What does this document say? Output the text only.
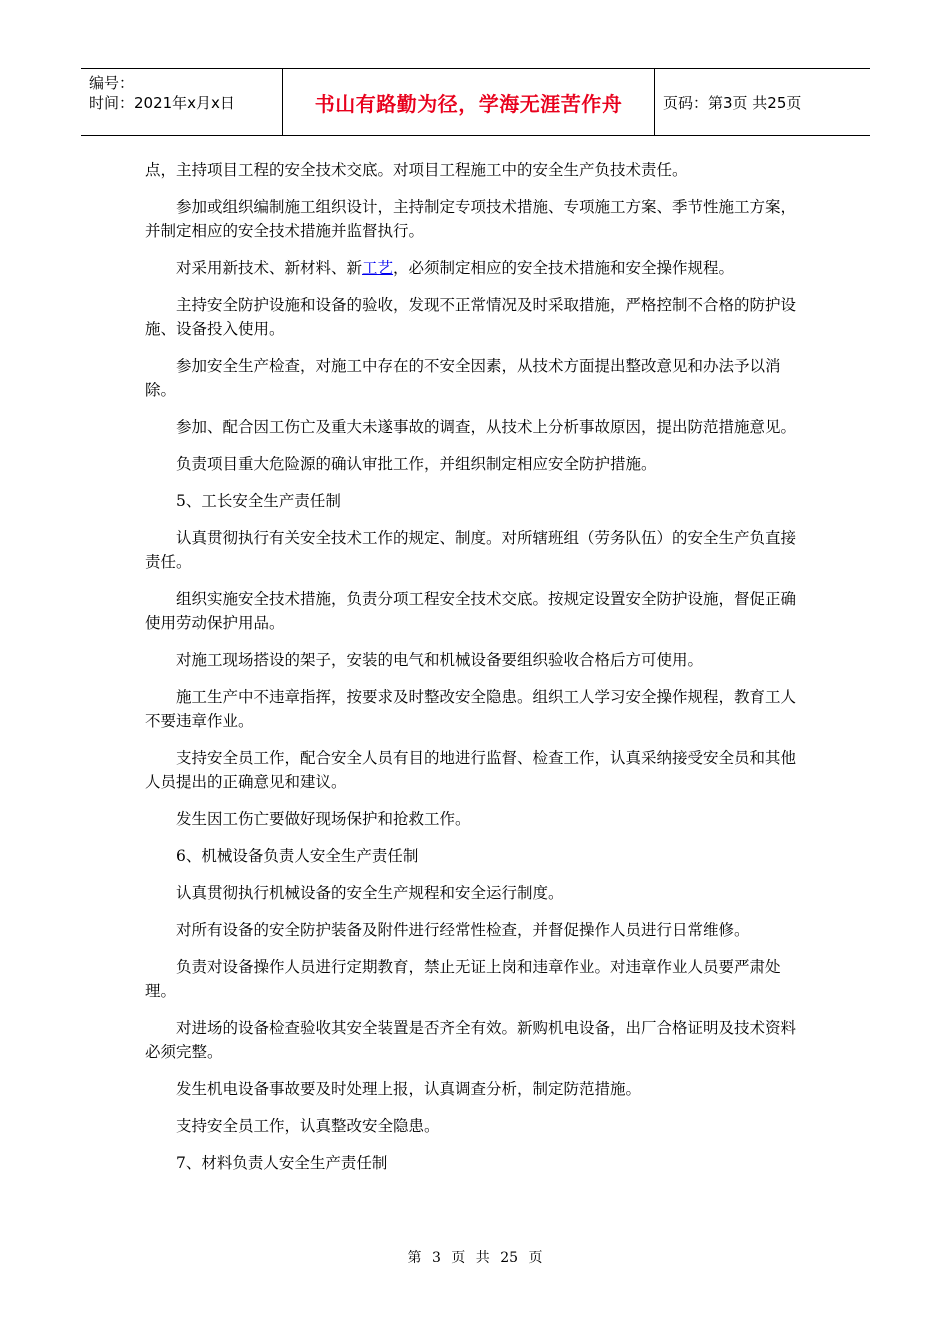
编号：
时间：2021年x月x日	书山有路勤为径，学海无涯苦作舟	页码：第3页 共25页

点，主持项目工程的安全技术交底。对项目工程施工中的安全生产负技术责任。

参加或组织编制施工组织设计，主持制定专项技术措施、专项施工方案、季节性施工方案，并制定相应的安全技术措施并监督执行。

对采用新技术、新材料、新工艺，必须制定相应的安全技术措施和安全操作规程。

主持安全防护设施和设备的验收，发现不正常情况及时采取措施，严格控制不合格的防护设施、设备投入使用。

参加安全生产检查，对施工中存在的不安全因素，从技术方面提出整改意见和办法予以消除。

参加、配合因工伤亡及重大未遂事故的调查，从技术上分析事故原因，提出防范措施意见。

负责项目重大危险源的确认审批工作，并组织制定相应安全防护措施。

5、工长安全生产责任制

认真贯彻执行有关安全技术工作的规定、制度。对所辖班组（劳务队伍）的安全生产负直接责任。

组织实施安全技术措施，负责分项工程安全技术交底。按规定设置安全防护设施，督促正确使用劳动保护用品。

对施工现场搭设的架子，安装的电气和机械设备要组织验收合格后方可使用。

施工生产中不违章指挥，按要求及时整改安全隐患。组织工人学习安全操作规程，教育工人不要违章作业。

支持安全员工作，配合安全人员有目的地进行监督、检查工作，认真采纳接受安全员和其他人员提出的正确意见和建议。

发生因工伤亡要做好现场保护和抢救工作。

6、机械设备负责人安全生产责任制

认真贯彻执行机械设备的安全生产规程和安全运行制度。

对所有设备的安全防护装备及附件进行经常性检查，并督促操作人员进行日常维修。

负责对设备操作人员进行定期教育，禁止无证上岗和违章作业。对违章作业人员要严肃处理。

对进场的设备检查验收其安全装置是否齐全有效。新购机电设备，出厂合格证明及技术资料必须完整。

发生机电设备事故要及时处理上报，认真调查分析，制定防范措施。

支持安全员工作，认真整改安全隐患。

7、材料负责人安全生产责任制

第 3 页 共 25 页
